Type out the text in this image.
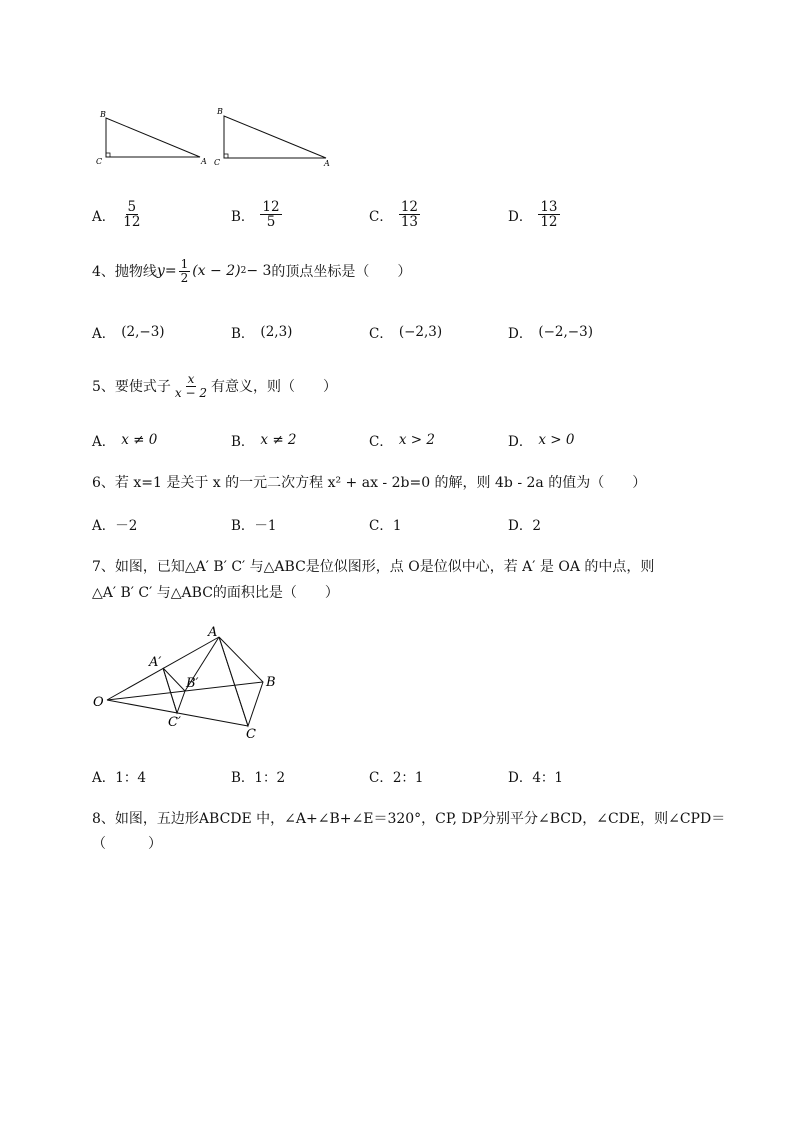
B
C	A
B
C	A
A． $\frac{5}{12}$	B． $\frac{12}{5}$	C． $\frac{12}{13}$	D． $\frac{13}{12}$
4、抛物线 $y = \frac{1}{2} (x - 2) 2 - 3$ 的顶点坐标是（　　）
A． (2,−3)	B． (2,3)	C． (−2,3)	D． (−2,−3)
5、要使式子 $\frac{x}{x - 2}$ 有意义，则（　　）
A． x ≠ 0	B． x ≠ 2	C． x > 2	D． x > 0
6、若 x=1 是关于 x 的一元二次方程 x² + ax - 2b=0 的解，则 4b - 2a 的值为（　　）
A．－2	B．－1	C．1	D．2
7、如图，已知△A′ B′ C′ 与△ABC是位似图形，点 O是位似中心，若 A′ 是 OA 的中点，则
△A′ B′ C′ 与△ABC的面积比是（　　）
O
A
B
C
A′
B′
C′
A．1：4	B．1：2	C．2：1	D．4：1
8、如图，五边形ABCDE 中，∠A+∠B+∠E＝320°，CP, DP分别平分∠BCD，∠CDE，则∠CPD＝
（　　　）
